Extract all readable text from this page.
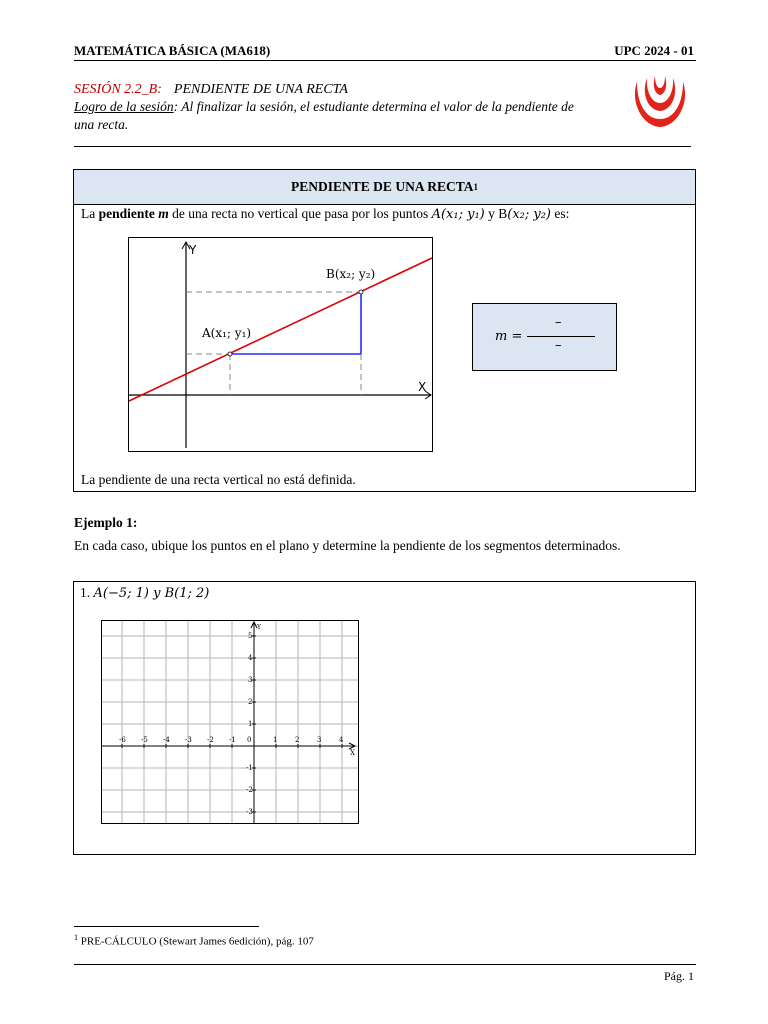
MATEMÁTICA BÁSICA (MA618)	UPC 2024 - 01
SESIÓN 2.2_B: PENDIENTE DE UNA RECTA
Logro de la sesión: Al finalizar la sesión, el estudiante determina el valor de la pendiente de
una recta.
PENDIENTE DE UNA RECTA 1
La pendiente m de una recta no vertical que pasa por los puntos A(x₁; y₁) y B(x₂; y₂) es:
B(x₂; y₂)
A(x₁; y₁)
X
Y
m =
–
–
La pendiente de una recta vertical no está definida.
Ejemplo 1:
En cada caso, ubique los puntos en el plano y determine la pendiente de los segmentos determinados.
1. A(−5; 1) y B(1; 2)
-6 -5 -4 -3 -2 -1 0	1	2	3	4
5
4
3
2
1
-1
-2
-3
X
Y
$^1$ PRE-CÁLCULO (Stewart James 6edición), pág. 107
Pág. 1
